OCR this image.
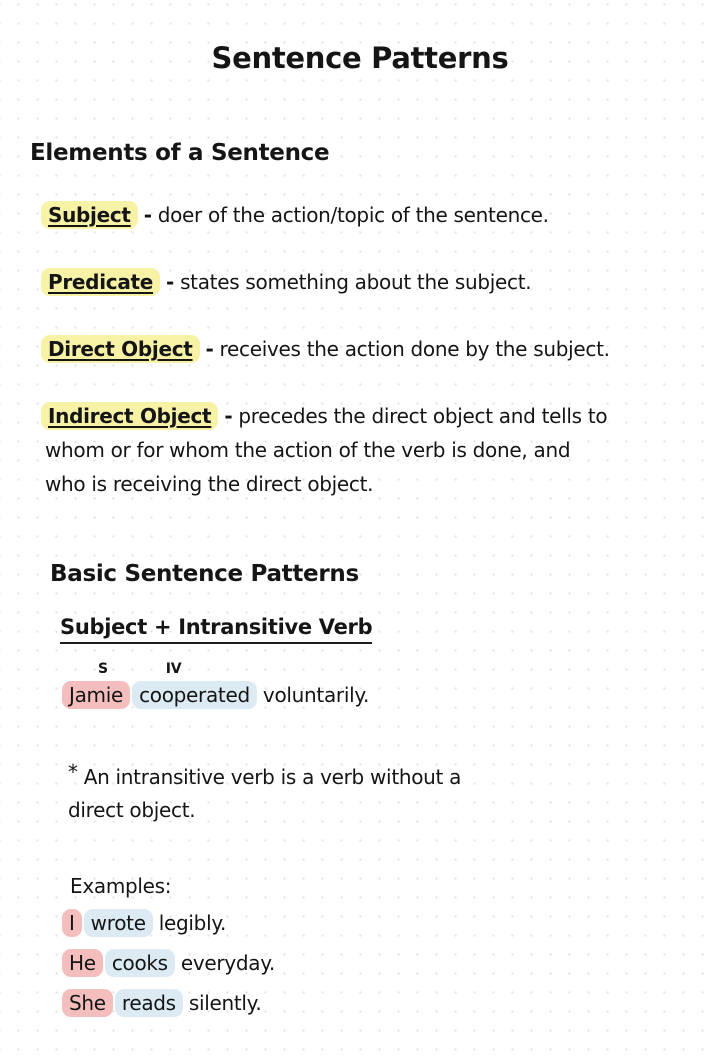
Sentence Patterns
Elements of a Sentence
Subject - doer of the action/topic of the sentence.
Predicate - states something about the subject.
Direct Object - receives the action done by the subject.
Indirect Object - precedes the direct object and tells to
whom or for whom the action of the verb is done, and
who is receiving the direct object.
Basic Sentence Patterns
Subject + Intransitive Verb
S	IV
Jamie cooperated voluntarily.
* An intransitive verb is a verb without a
direct object.
Examples:
I wrote legibly.
He cooks everyday.
She reads silently.
